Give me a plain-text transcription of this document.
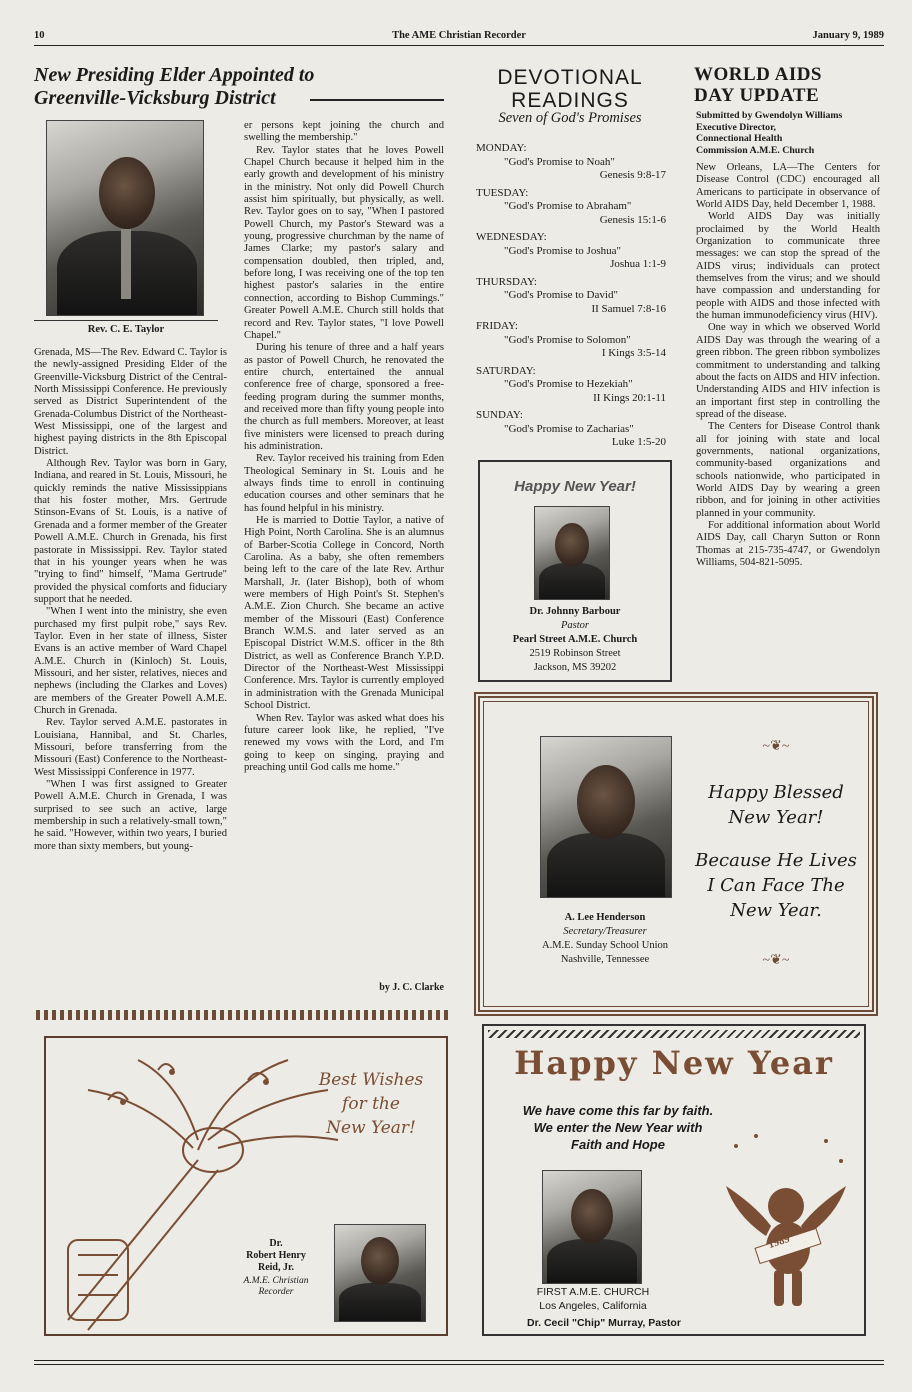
10	The AME Christian Recorder	January 9, 1989
New Presiding Elder Appointed to
Greenville-Vicksburg District
Rev. C. E. Taylor

Grenada, MS—The Rev. Edward C. Taylor is the newly-assigned Presiding Elder of the Greenville-Vicksburg District of the Central-North Mississippi Conference. He previously served as District Superintendent of the Grenada-Columbus District of the Northeast-West Mississippi, one of the largest and highest paying districts in the 8th Episcopal District.

Although Rev. Taylor was born in Gary, Indiana, and reared in St. Louis, Missouri, he quickly reminds the native Mississippians that his foster mother, Mrs. Gertrude Stinson-Evans of St. Louis, is a native of Grenada and a former member of the Greater Powell A.M.E. Church in Grenada, his first pastorate in Mississippi. Rev. Taylor stated that in his younger years when he was "trying to find" himself, "Mama Gertrude" provided the physical comforts and fiduciary support that he needed.

"When I went into the ministry, she even purchased my first pulpit robe," says Rev. Taylor. Even in her state of illness, Sister Evans is an active member of Ward Chapel A.M.E. Church in (Kinloch) St. Louis, Missouri, and her sister, relatives, nieces and nephews (including the Clarkes and Loves) are members of the Greater Powell A.M.E. Church in Grenada.

Rev. Taylor served A.M.E. pastorates in Louisiana, Hannibal, and St. Charles, Missouri, before transferring from the Missouri (East) Conference to the Northeast-West Mississippi Conference in 1977.

"When I was first assigned to Greater Powell A.M.E. Church in Grenada, I was surprised to see such an active, large membership in such a relatively-small town," he said. "However, within two years, I buried more than sixty members, but young-

er persons kept joining the church and swelling the membership."

Rev. Taylor states that he loves Powell Chapel Church because it helped him in the early growth and development of his ministry in the ministry. Not only did Powell Church assist him spiritually, but physically, as well. Rev. Taylor goes on to say, "When I pastored Powell Church, my Pastor's Steward was a young, progressive churchman by the name of James Clarke; my pastor's salary and compensation doubled, then tripled, and, before long, I was receiving one of the top ten highest pastor's salaries in the entire connection, according to Bishop Cummings." Greater Powell A.M.E. Church still holds that record and Rev. Taylor states, "I love Powell Chapel."

During his tenure of three and a half years as pastor of Powell Church, he renovated the entire church, entertained the annual conference free of charge, sponsored a free-feeding program during the summer months, and received more than fifty young people into the church as full members. Moreover, at least five ministers were licensed to preach during his administration.

Rev. Taylor received his training from Eden Theological Seminary in St. Louis and he always finds time to enroll in continuing education courses and other seminars that he has found helpful in his ministry.

He is married to Dottie Taylor, a native of High Point, North Carolina. She is an alumnus of Barber-Scotia College in Concord, North Carolina. As a baby, she often remembers being left to the care of the late Rev. Arthur Marshall, Jr. (later Bishop), both of whom were members of High Point's St. Stephen's A.M.E. Zion Church. She became an active member of the Missouri (East) Conference Branch W.M.S. and later served as an Episcopal District W.M.S. officer in the 8th District, as well as Conference Branch Y.P.D. Director of the Northeast-West Mississippi Conference. Mrs. Taylor is currently employed in administration with the Grenada Municipal School District.

When Rev. Taylor was asked what does his future career look like, he replied, "I've renewed my vows with the Lord, and I'm going to keep on singing, praying and preaching until God calls me home."

by J. C. Clarke
DEVOTIONAL
READINGS
Seven of God's Promises
MONDAY:
"God's Promise to Noah"
Genesis 9:8-17
TUESDAY:
"God's Promise to Abraham"
Genesis 15:1-6
WEDNESDAY:
"God's Promise to Joshua"
Joshua 1:1-9
THURSDAY:
"God's Promise to David"
II Samuel 7:8-16
FRIDAY:
"God's Promise to Solomon"
I Kings 3:5-14
SATURDAY:
"God's Promise to Hezekiah"
II Kings 20:1-11
SUNDAY:
"God's Promise to Zacharias"
Luke 1:5-20
Happy New Year!
Dr. Johnny Barbour
Pastor
Pearl Street A.M.E. Church
2519 Robinson Street
Jackson, MS 39202
WORLD AIDS
DAY UPDATE
Submitted by Gwendolyn Williams
Executive Director,
Connectional Health
Commission A.M.E. Church

New Orleans, LA—The Centers for Disease Control (CDC) encouraged all Americans to participate in observance of World AIDS Day, held December 1, 1988.

World AIDS Day was initially proclaimed by the World Health Organization to communicate three messages: we can stop the spread of the AIDS virus; individuals can protect themselves from the virus; and we should have compassion and understanding for people with AIDS and those infected with the human immunodeficiency virus (HIV).

One way in which we observed World AIDS Day was through the wearing of a green ribbon. The green ribbon symbolizes commitment to understanding and talking about the facts on AIDS and HIV infection. Understanding AIDS and HIV infection is an important first step in controlling the spread of the disease.

The Centers for Disease Control thank all for joining with state and local governments, national organizations, community-based organizations and schools nationwide, who participated in World AIDS Day by wearing a green ribbon, and for joining in other activities planned in your community.

For additional information about World AIDS Day, call Charyn Sutton or Ronn Thomas at 215-735-4747, or Gwendolyn Williams, 504-821-5095.

A. Lee Henderson
Secretary/Treasurer
A.M.E. Sunday School Union
Nashville, Tennessee
~❦~
Happy Blessed
New Year!
Because He Lives
I Can Face The
New Year.
~❦~
Best Wishes
for the
New Year!
Dr.
Robert Henry
Reid, Jr.
A.M.E. Christian
Recorder
Happy New Year
We have come this far by faith.
We enter the New Year with
Faith and Hope
1989
FIRST A.M.E. CHURCH
Los Angeles, California
Dr. Cecil "Chip" Murray, Pastor
